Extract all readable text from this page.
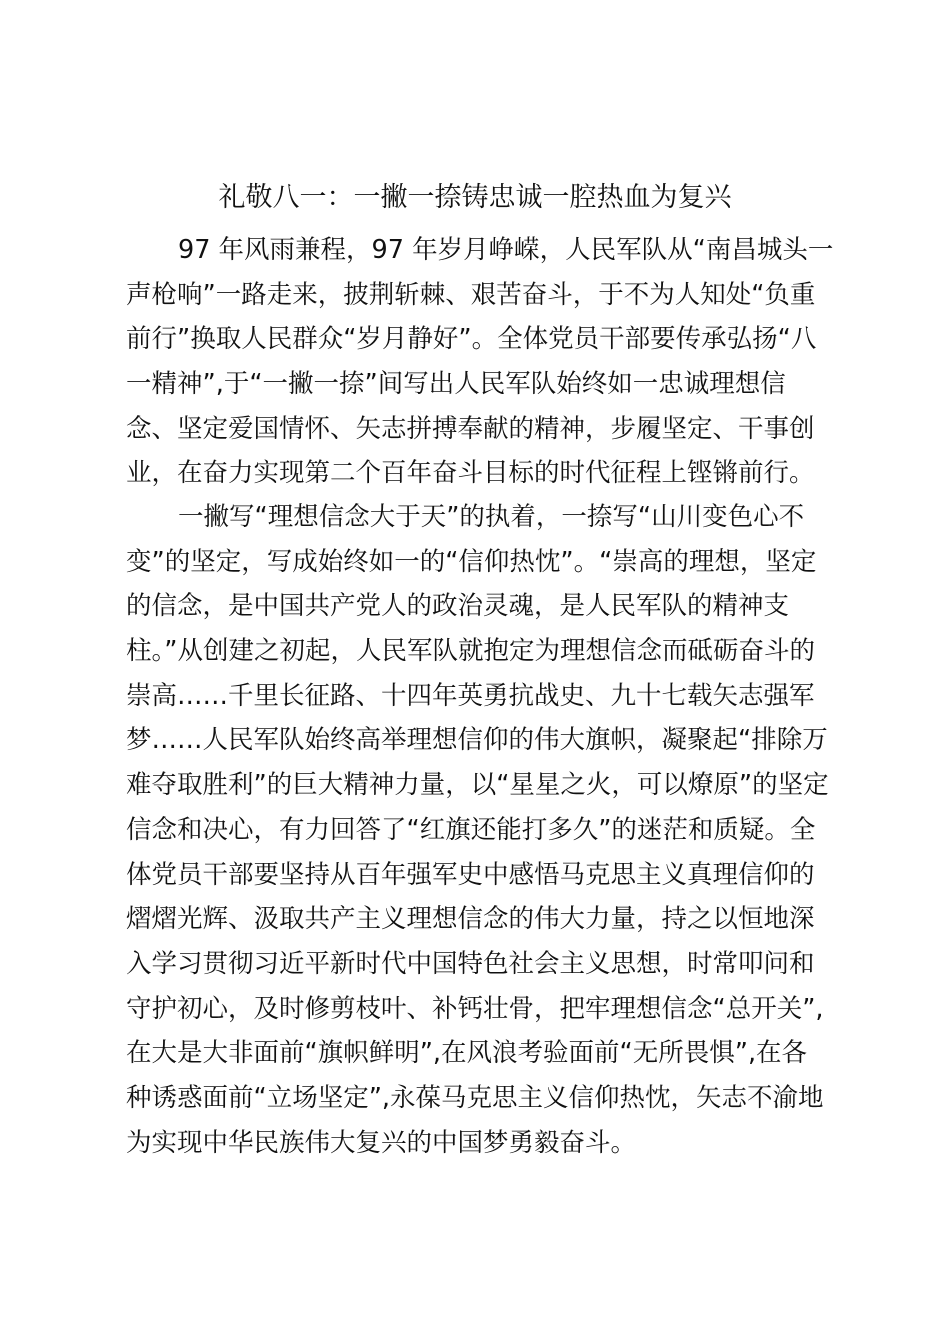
礼敬八一：一撇一捺铸忠诚一腔热血为复兴
97 年风雨兼程，97 年岁月峥嵘，人民军队从“南昌城头一
声枪响”一路走来，披荆斩棘、艰苦奋斗，于不为人知处“负重
前行”换取人民群众“岁月静好”。全体党员干部要传承弘扬“八
一精神”,于“一撇一捺”间写出人民军队始终如一忠诚理想信
念、坚定爱国情怀、矢志拼搏奉献的精神，步履坚定、干事创
业，在奋力实现第二个百年奋斗目标的时代征程上铿锵前行。
一撇写“理想信念大于天”的执着，一捺写“山川变色心不
变”的坚定，写成始终如一的“信仰热忱”。“崇高的理想，坚定
的信念，是中国共产党人的政治灵魂，是人民军队的精神支
柱。”从创建之初起，人民军队就抱定为理想信念而砥砺奋斗的
崇高……千里长征路、十四年英勇抗战史、九十七载矢志强军
梦……人民军队始终高举理想信仰的伟大旗帜，凝聚起“排除万
难夺取胜利”的巨大精神力量，以“星星之火，可以燎原”的坚定
信念和决心，有力回答了“红旗还能打多久”的迷茫和质疑。全
体党员干部要坚持从百年强军史中感悟马克思主义真理信仰的
熠熠光辉、汲取共产主义理想信念的伟大力量，持之以恒地深
入学习贯彻习近平新时代中国特色社会主义思想，时常叩问和
守护初心，及时修剪枝叶、补钙壮骨，把牢理想信念“总开关”,
在大是大非面前“旗帜鲜明”,在风浪考验面前“无所畏惧”,在各
种诱惑面前“立场坚定”,永葆马克思主义信仰热忱，矢志不渝地
为实现中华民族伟大复兴的中国梦勇毅奋斗。
